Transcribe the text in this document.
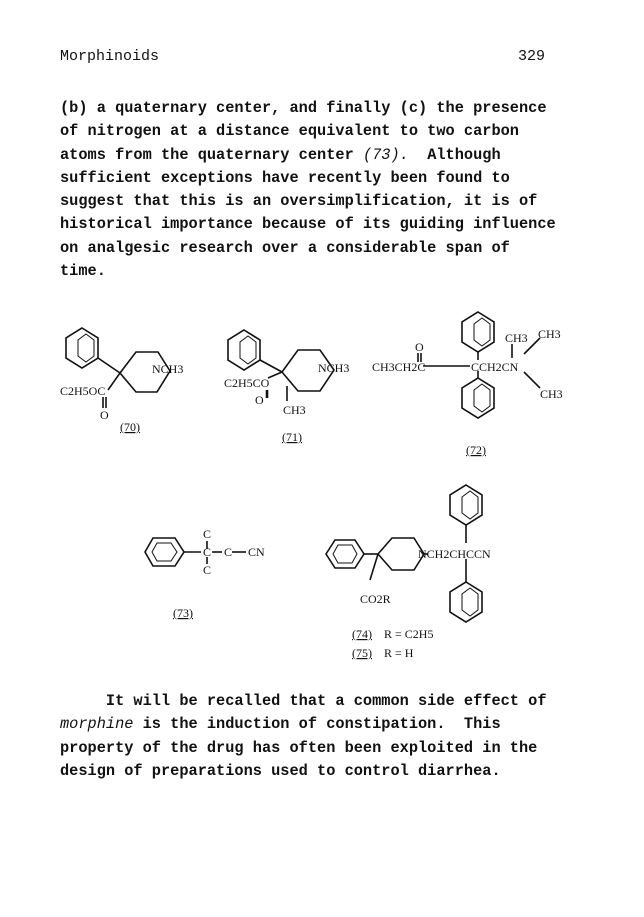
Morphinoids	329
(b) a quaternary center, and finally (c) the presence
of nitrogen at a distance equivalent to two carbon
atoms from the quaternary center (73).  Although
sufficient exceptions have recently been found to
suggest that this is an oversimplification, it is of
historical importance because of its guiding influence
on analgesic research over a considerable span of
time.
NCH3
C2H5OC
O
(70)
NCH3
C2H5CO
O
CH3
(71)
O
CH3CH2C	CCH2CN
CH3 CH3
CH3
(72)
C
C
C
C CN
(73)
NCH2CHCCN
CO2R
(74) R = C2H5
(75) R = H
It will be recalled that a common side effect of
morphine is the induction of constipation.  This
property of the drug has often been exploited in the
design of preparations used to control diarrhea.
